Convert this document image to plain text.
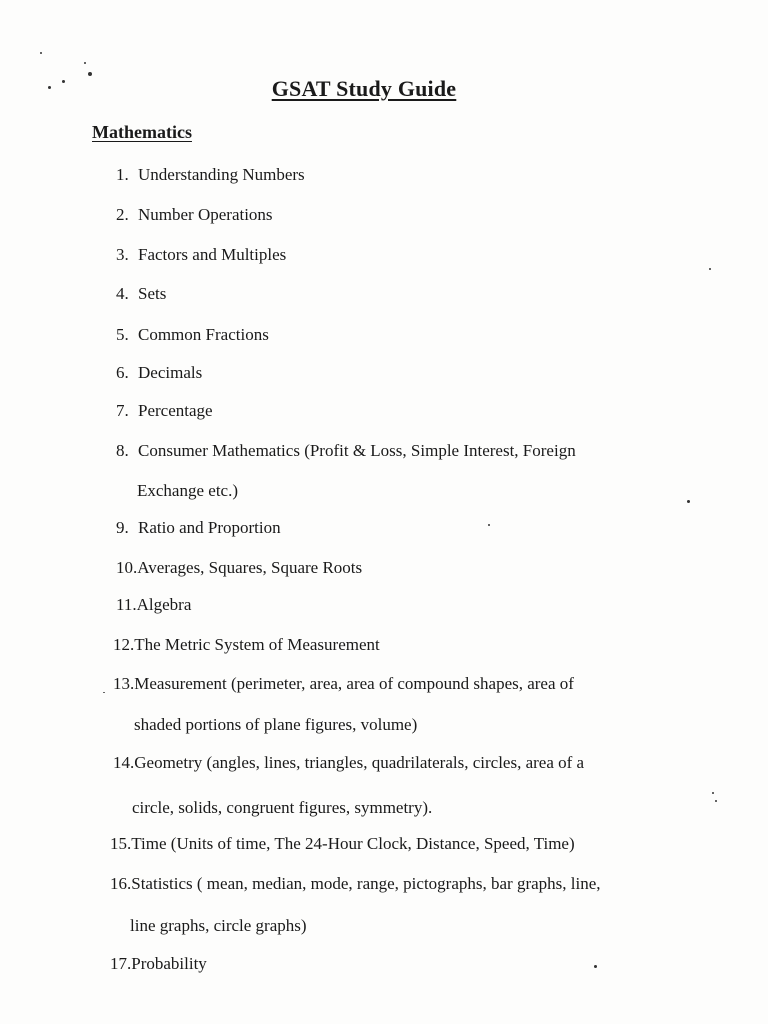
GSAT Study Guide
Mathematics
1. Understanding Numbers
2. Number Operations
3. Factors and Multiples
4. Sets
5. Common Fractions
6. Decimals
7. Percentage
8. Consumer Mathematics (Profit & Loss, Simple Interest, Foreign
Exchange etc.)
9. Ratio and Proportion
10.Averages, Squares, Square Roots
11.Algebra
12.The Metric System of Measurement
13.Measurement (perimeter, area, area of compound shapes, area of
shaded portions of plane figures, volume)
14.Geometry (angles, lines, triangles, quadrilaterals, circles, area of a
circle, solids, congruent figures, symmetry).
15.Time (Units of time, The 24-Hour Clock, Distance, Speed, Time)
16.Statistics ( mean, median, mode, range, pictographs, bar graphs, line,
line graphs, circle graphs)
17.Probability
